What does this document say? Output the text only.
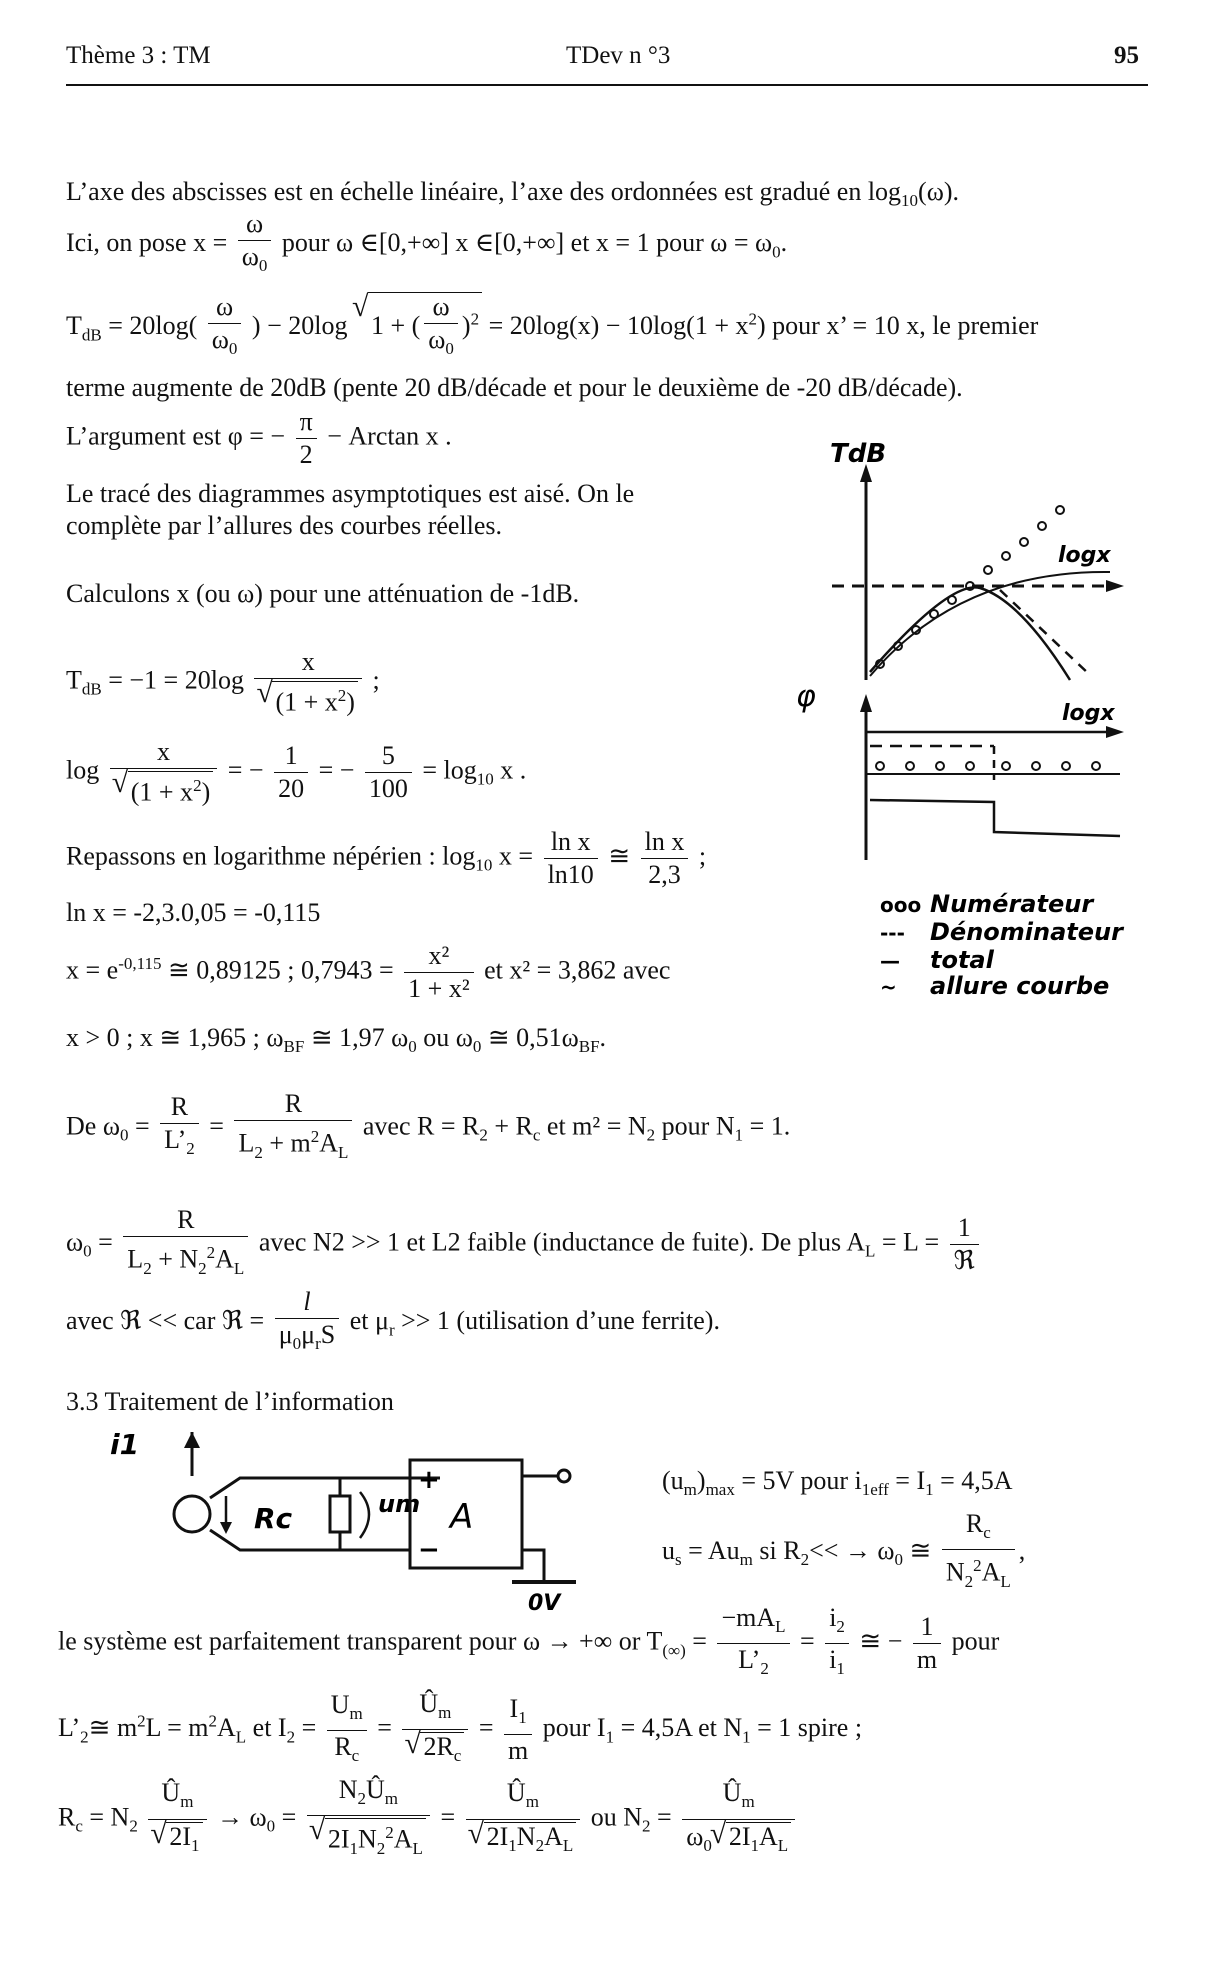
Thème 3 : TM	TDev n °3	95
L’axe des abscisses est en échelle linéaire, l’axe des ordonnées est gradué en $\log_{10}(\omega)$.
Ici, on pose $x = \frac{\omega}{\omega_0}$ pour ω ∈[0,+∞] x ∈[0,+∞] et x = 1 pour $\omega = \omega_0$.
$T_{dB} = 20\log( \frac{\omega}{\omega_0}$ ) − 20log √ 1 + ( $\frac{\omega}{\omega_0} )^2 = 20\log(x) - 10\log(1 + x^2)$ pour x’ = 10 x, le premier
terme augmente de 20dB (pente 20 dB/décade et pour le deuxième de -20 dB/décade).
L’argument est φ = − $\frac{\pi}{2} - Arctan$ x .
Le tracé des diagrammes asymptotiques est aisé. On le
complète par l’allures des courbes réelles.
Calculons x (ou ω) pour une atténuation de -1dB.
$T_{dB} = -1 = 20\log$ x
√ $(1 + x^2)$ ;
log x
√ $(1 + x^2)$ = − $\frac{1}{20}$ = − $\frac{5}{100} = \log_{10} x$ .
Repassons en logarithme népérien : $\log_{10} x = \frac{\text{ln x}}{\ln 10}$ ≅ $\frac{\text{ln x}}{2,3}$ ;
ln x = -2,3.0,05 = -0,115
$x = e^{-0,115}$ ≅ 0,89125 ; $0,7943 = \frac{\text{x²}}{\text{1 + x²}}$ et x² = 3,862 avec
x > 0 ; x ≅ 1,965 ; $\omega_{BF}$ ≅ 1,97 $\omega_0$ ou $\omega_0$ ≅ $0,51\omega_{BF}$.
De $\omega_0 = \frac{R}{L’_2} = \frac{R}{L_2 + m^2A_L}$ avec $R = R_2 + R_c$ et $m^2 = N_2$ pour $N_1 = 1$.
$\omega_0 = \frac{R}{L_2 + N_2^2A_L}$ avec N2 >> 1 et L2 faible (inductance de fuite). De plus $A_L = L = \frac{1}{\text{ℜ}}$
avec ℜ << car ℜ = $\frac{l}{\mu_0\mu_rS}$ et $\mu_r >> 1$ (utilisation d’une ferrite).
3.3 Traitement de l’information
$(u_m)_{max} = 5V$ pour $i_{1eff} = I_1 = 4,5A$
$u_s = Au_m$ si $R_2<< \to \omega_0$ ≅ $\frac{R_c}{N_2^2A_L}$ ,
le système est parfaitement transparent pour ω → +∞ or $T_{(\infty)} = \frac{-mA_L}{L’_2} = \frac{i_2}{i_1}$ ≅ − $\frac{1}{m}$ pour
$L’_2≅$ $m^2L = m^2A_L$ et $I_2 = \frac{U_m}{R_c}$ = $Û_m$
√ $2R_c = \frac{I_1}{m}$ pour $I_1 = 4,5A$ et $N_1 = 1$ spire ;
$R_c = N_2$ $Û_m$
√ $2I_1 \to \omega_0$ = $N_2Û_m$
√ $2I_1N_2^2A_L$ = $Û_m$
√ $2I_1N_2A_L$ ou $N_2 = \frac{Û_m}{\omega_0 √ 2I_1A_L}$
TdB
logx
φ	logx
ooo Numérateur
--- Dénominateur
— total
~ allure courbe
i1
Rc	um
+
−
A
0V
